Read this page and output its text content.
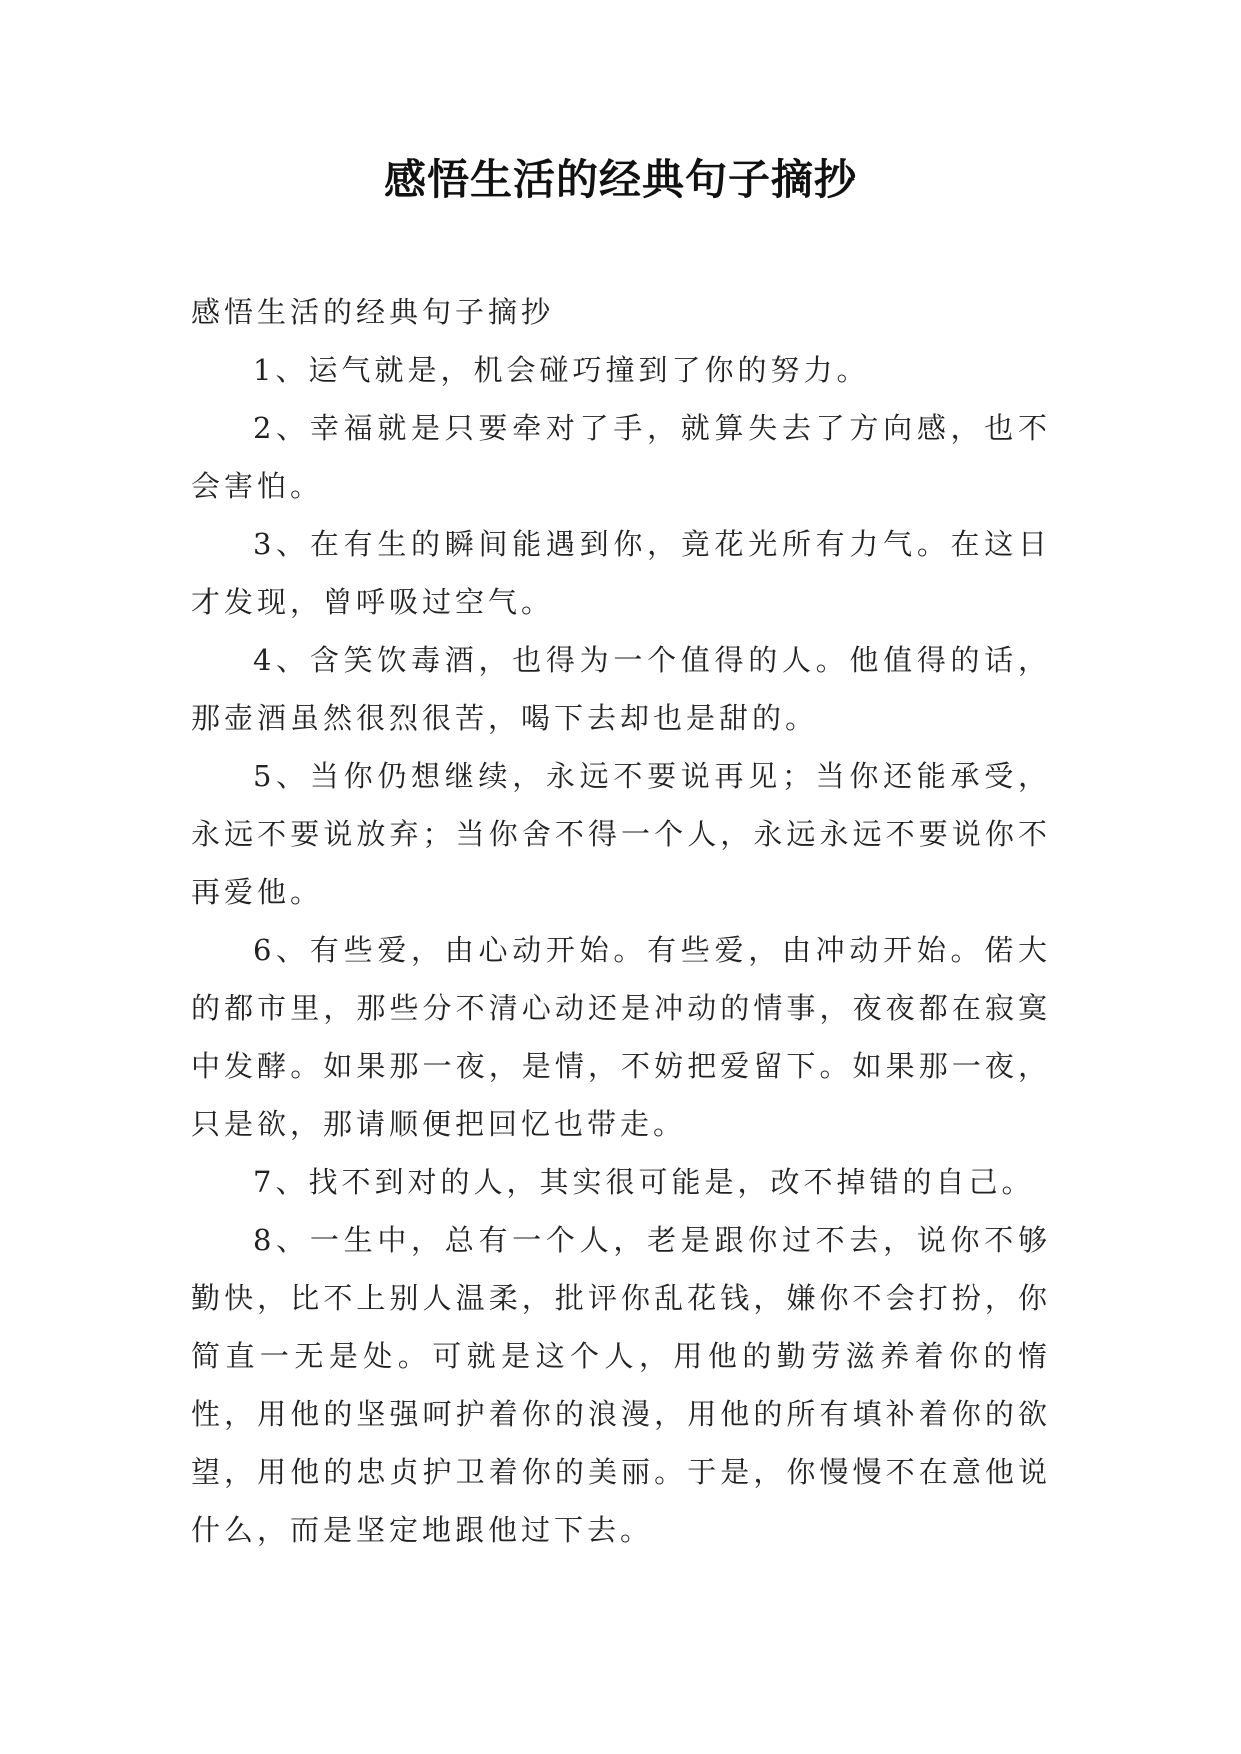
感悟生活的经典句子摘抄

感悟生活的经典句子摘抄

1、运气就是，机会碰巧撞到了你的努力。

2、幸福就是只要牵对了手，就算失去了方向感，也不会害怕。

3、在有生的瞬间能遇到你，竟花光所有力气。在这日才发现，曾呼吸过空气。

4、含笑饮毒酒，也得为一个值得的人。他值得的话，那壶酒虽然很烈很苦，喝下去却也是甜的。

5、当你仍想继续，永远不要说再见；当你还能承受，永远不要说放弃；当你舍不得一个人，永远永远不要说你不再爱他。

6、有些爱，由心动开始。有些爱，由冲动开始。偌大的都市里，那些分不清心动还是冲动的情事，夜夜都在寂寞中发酵。如果那一夜，是情，不妨把爱留下。如果那一夜，只是欲，那请顺便把回忆也带走。

7、找不到对的人，其实很可能是，改不掉错的自己。

8、一生中，总有一个人，老是跟你过不去，说你不够勤快，比不上别人温柔，批评你乱花钱，嫌你不会打扮，你简直一无是处。可就是这个人，用他的勤劳滋养着你的惰性，用他的坚强呵护着你的浪漫，用他的所有填补着你的欲望，用他的忠贞护卫着你的美丽。于是，你慢慢不在意他说什么，而是坚定地跟他过下去。
